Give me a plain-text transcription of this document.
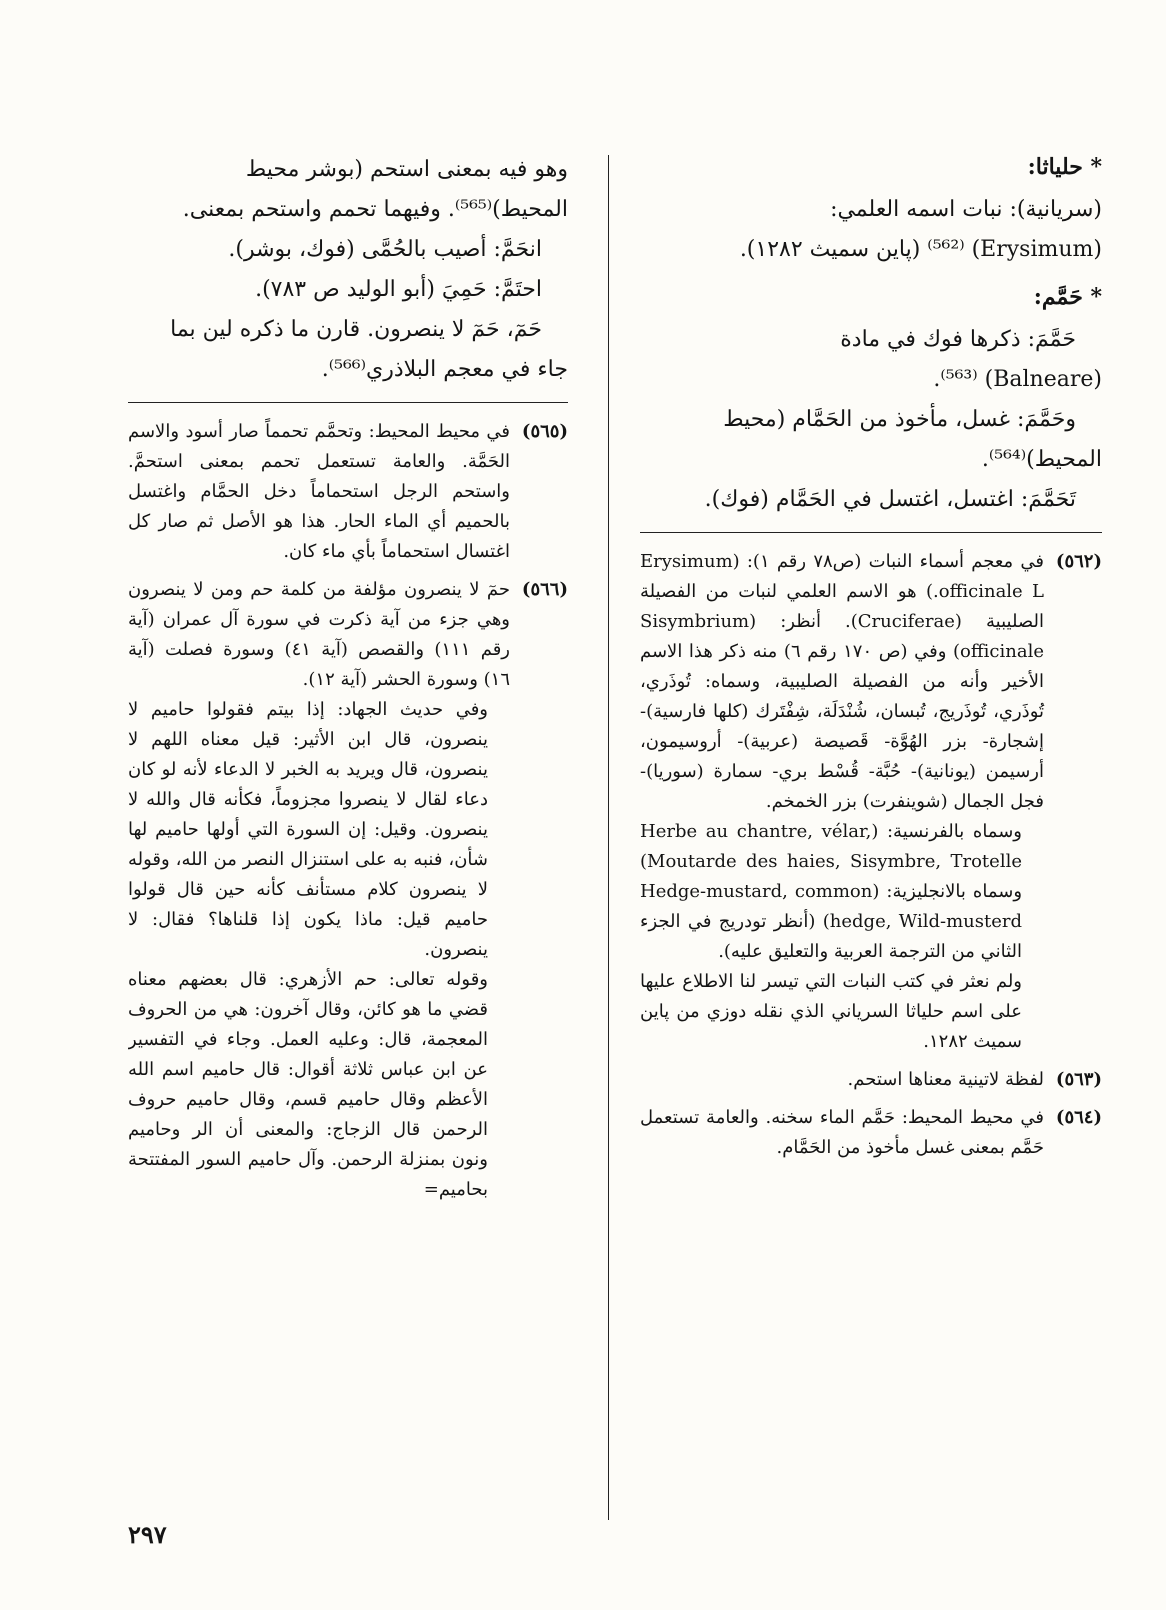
* حلياثا:

(سريانية): نبات اسمه العلمي:

(Erysimum) ⁽⁵⁶²⁾ (پاين سميث ۱۲۸۲).

* حَمَّم:

حَمَّمَ: ذكرها فوك في مادة

(Balneare) ⁽⁵⁶³⁾.

وحَمَّمَ: غسل، مأخوذ من الحَمَّام (محيط

المحيط)⁽⁵⁶⁴⁾.

تَحَمَّمَ: اغتسل، اغتسل في الحَمَّام (فوك).

(٥٦٢)

في معجم أسماء النبات (ص٧٨ رقم ١): (Erysimum officinale L.) هو الاسم العلمي لنبات من الفصيلة الصليبية (Cruciferae). أنظر: (Sisymbrium officinale) وفي (ص ١٧٠ رقم ٦) منه ذكر هذا الاسم الأخير وأنه من الفصيلة الصليبية، وسماه: تُوذَري، تُوذَري، تُوذَريج، تُبسان، شُنْدَلَة، شِفْتَرك (كلها فارسية)- إشجارة- بزر الهُوَّة- قَصيصة (عربية)- أروسيمون، أرسيمن (يونانية)- حُبَّة- قُسْط بري- سمارة (سوريا)- فجل الجمال (شوينفرت) بزر الخمخم.

وسماه بالفرنسية: (Herbe au chantre, vélar, Moutarde des haies, Sisymbre, Trotelle) وسماه بالانجليزية: (Hedge-mustard, common hedge, Wild-musterd) (أنظر تودريج في الجزء الثاني من الترجمة العربية والتعليق عليه).

ولم نعثر في كتب النبات التي تيسر لنا الاطلاع عليها على اسم حلياثا السرياني الذي نقله دوزي من پاين سميث ١٢٨٢.

(٥٦٣)

لفظة لاتينية معناها استحم.

(٥٦٤)

في محيط المحيط: حَمَّم الماء سخنه. والعامة تستعمل حَمَّم بمعنى غسل مأخوذ من الحَمَّام.

وهو فيه بمعنى استحم (بوشر محيط

المحيط)⁽⁵⁶⁵⁾. وفيهما تحمم واستحم بمعنى.

انحَمَّ: أصيب بالحُمَّى (فوك، بوشر).

احتَمَّ: حَمِيَ (أبو الوليد ص ٧٨٣).

حَمٓ، حَمٓ لا ينصرون. قارن ما ذكره لين بما

جاء في معجم البلاذري⁽⁵⁶⁶⁾.

(٥٦٥)

في محيط المحيط: وتحمَّم تحمماً صار أسود والاسم الحَمَّة. والعامة تستعمل تحمم بمعنى استحمَّ. واستحم الرجل استحماماً دخل الحمَّام واغتسل بالحميم أي الماء الحار. هذا هو الأصل ثم صار كل اغتسال استحماماً بأي ماء كان.

(٥٦٦)

حمٓ لا ينصرون مؤلفة من كلمة حم ومن لا ينصرون وهي جزء من آية ذكرت في سورة آل عمران (آية رقم ١١١) والقصص (آية ٤١) وسورة فصلت (آية ١٦) وسورة الحشر (آية ١٢).

وفي حديث الجهاد: إذا بيتم فقولوا حاميم لا ينصرون، قال ابن الأثير: قيل معناه اللهم لا ينصرون، قال ويريد به الخبر لا الدعاء لأنه لو كان دعاء لقال لا ينصروا مجزوماً، فكأنه قال والله لا ينصرون. وقيل: إن السورة التي أولها حاميم لها شأن، فنبه به على استنزال النصر من الله، وقوله لا ينصرون كلام مستأنف كأنه حين قال قولوا حاميم قيل: ماذا يكون إذا قلناها؟ فقال: لا ينصرون.

وقوله تعالى: حم الأزهري: قال بعضهم معناه قضي ما هو كائن، وقال آخرون: هي من الحروف المعجمة، قال: وعليه العمل. وجاء في التفسير عن ابن عباس ثلاثة أقوال: قال حاميم اسم الله الأعظم وقال حاميم قسم، وقال حاميم حروف الرحمن قال الزجاج: والمعنى أن الر وحاميم ونون بمنزلة الرحمن. وآل حاميم السور المفتتحة بحاميم=

٢٩٧
